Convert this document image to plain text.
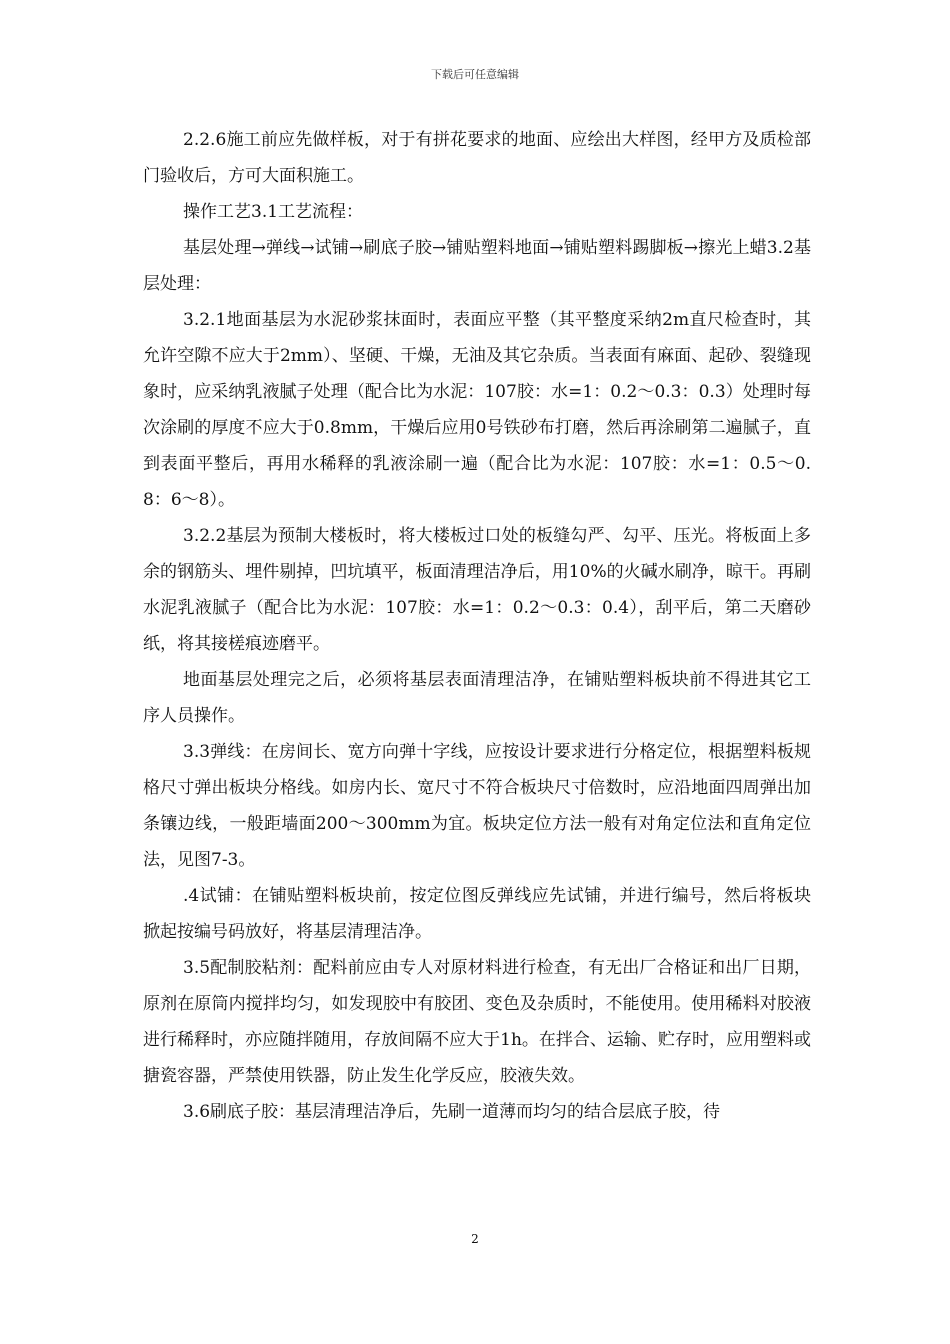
下载后可任意编辑

2.2.6施工前应先做样板，对于有拼花要求的地面、应绘出大样图，经甲方及质检部门验收后，方可大面积施工。

操作工艺3.1工艺流程：

基层处理→弹线→试铺→刷底子胶→铺贴塑料地面→铺贴塑料踢脚板→擦光上蜡3.2基层处理：

3.2.1地面基层为水泥砂浆抹面时，表面应平整（其平整度采纳2m直尺检查时，其允许空隙不应大于2mm）、坚硬、干燥，无油及其它杂质。当表面有麻面、起砂、裂缝现象时，应采纳乳液腻子处理（配合比为水泥：107胶：水=1：0.2～0.3：0.3）处理时每次涂刷的厚度不应大于0.8mm，干燥后应用0号铁砂布打磨，然后再涂刷第二遍腻子，直到表面平整后，再用水稀释的乳液涂刷一遍（配合比为水泥：107胶：水=1：0.5～0.8：6～8）。

3.2.2基层为预制大楼板时，将大楼板过口处的板缝勾严、勾平、压光。将板面上多余的钢筋头、埋件剔掉，凹坑填平，板面清理洁净后，用10%的火碱水刷净，晾干。再刷水泥乳液腻子（配合比为水泥：107胶：水=1：0.2～0.3：0.4），刮平后，第二天磨砂纸，将其接槎痕迹磨平。

地面基层处理完之后，必须将基层表面清理洁净，在铺贴塑料板块前不得进其它工序人员操作。

3.3弹线：在房间长、宽方向弹十字线，应按设计要求进行分格定位，根据塑料板规格尺寸弹出板块分格线。如房内长、宽尺寸不符合板块尺寸倍数时，应沿地面四周弹出加条镶边线，一般距墙面200～300mm为宜。板块定位方法一般有对角定位法和直角定位法，见图7-3。

.4试铺：在铺贴塑料板块前，按定位图反弹线应先试铺，并进行编号，然后将板块掀起按编号码放好，将基层清理洁净。

3.5配制胶粘剂：配料前应由专人对原材料进行检查，有无出厂合格证和出厂日期，原剂在原筒内搅拌均匀，如发现胶中有胶团、变色及杂质时，不能使用。使用稀料对胶液进行稀释时，亦应随拌随用，存放间隔不应大于1h。在拌合、运输、贮存时，应用塑料或搪瓷容器，严禁使用铁器，防止发生化学反应，胶液失效。

3.6刷底子胶：基层清理洁净后，先刷一道薄而均匀的结合层底子胶，待

2
